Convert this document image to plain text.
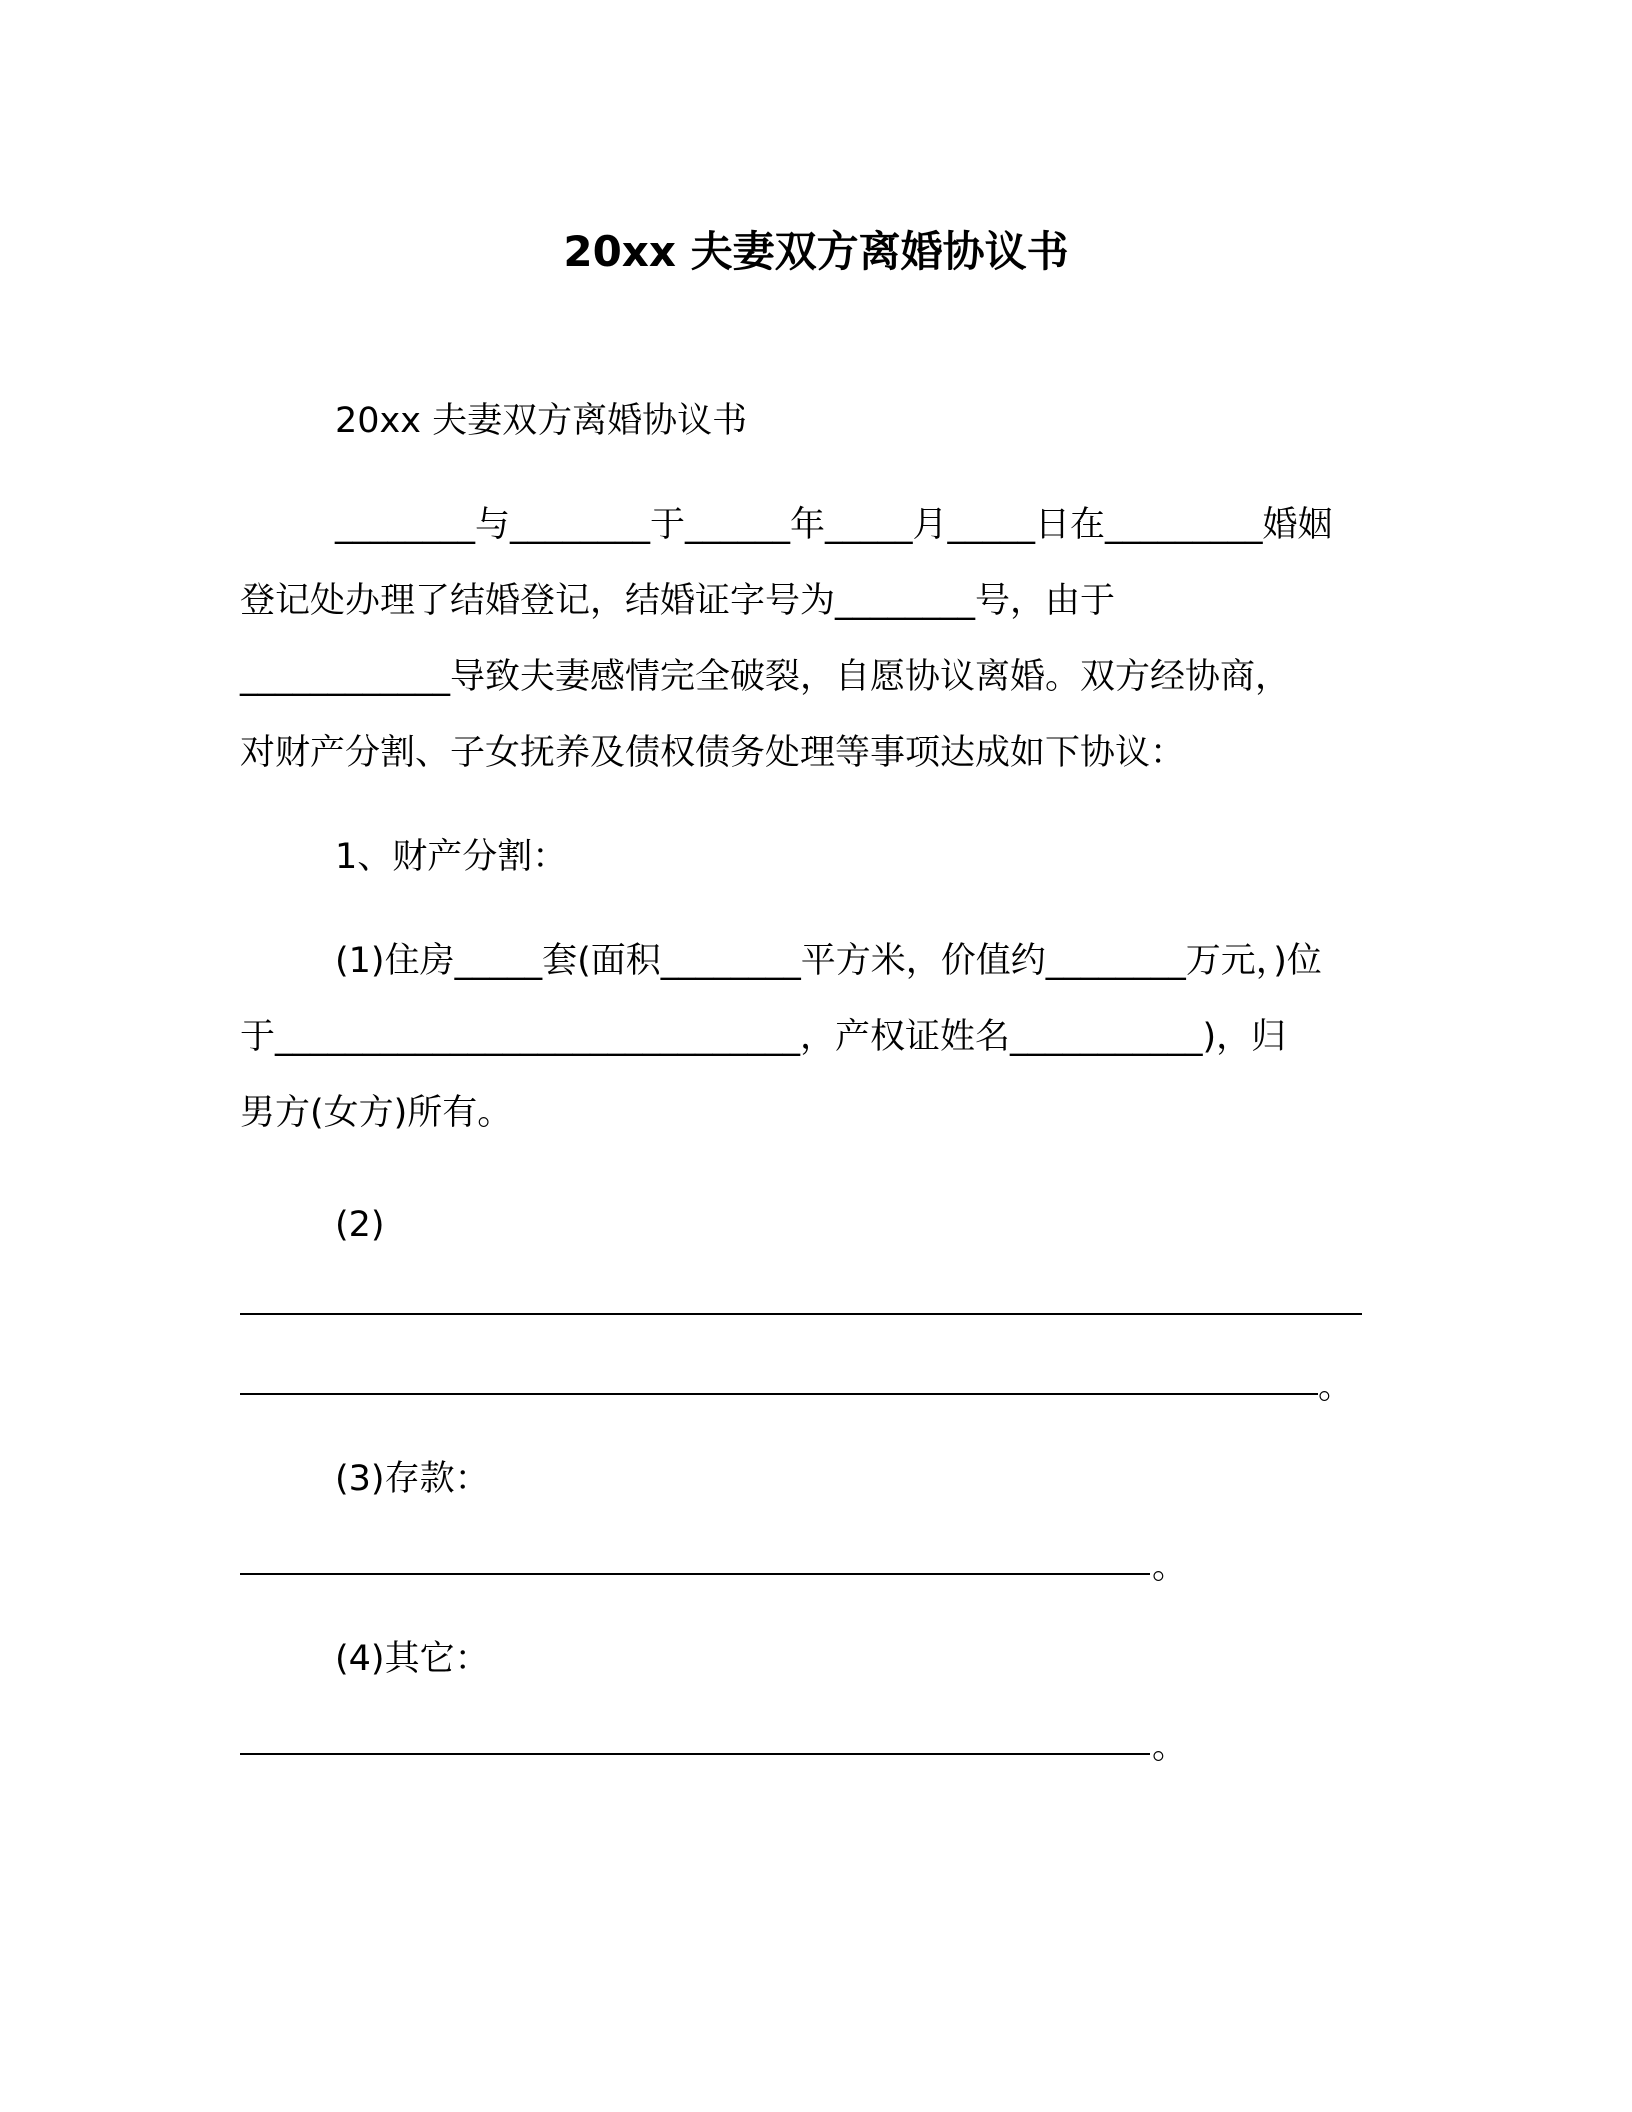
20xx 夫妻双方离婚协议书
20xx 夫妻双方离婚协议书
________与________于______年_____月_____日在_________婚姻
登记处办理了结婚登记，结婚证字号为________号，由于
____________导致夫妻感情完全破裂，自愿协议离婚。双方经协商，
对财产分割、子女抚养及债权债务处理等事项达成如下协议：
1、财产分割：
(1)住房_____套(面积________平方米，价值约________万元，)位
于______________________________，产权证姓名___________)，归
男方(女方)所有。
(2)
。
(3)存款：
。
(4)其它：
。
